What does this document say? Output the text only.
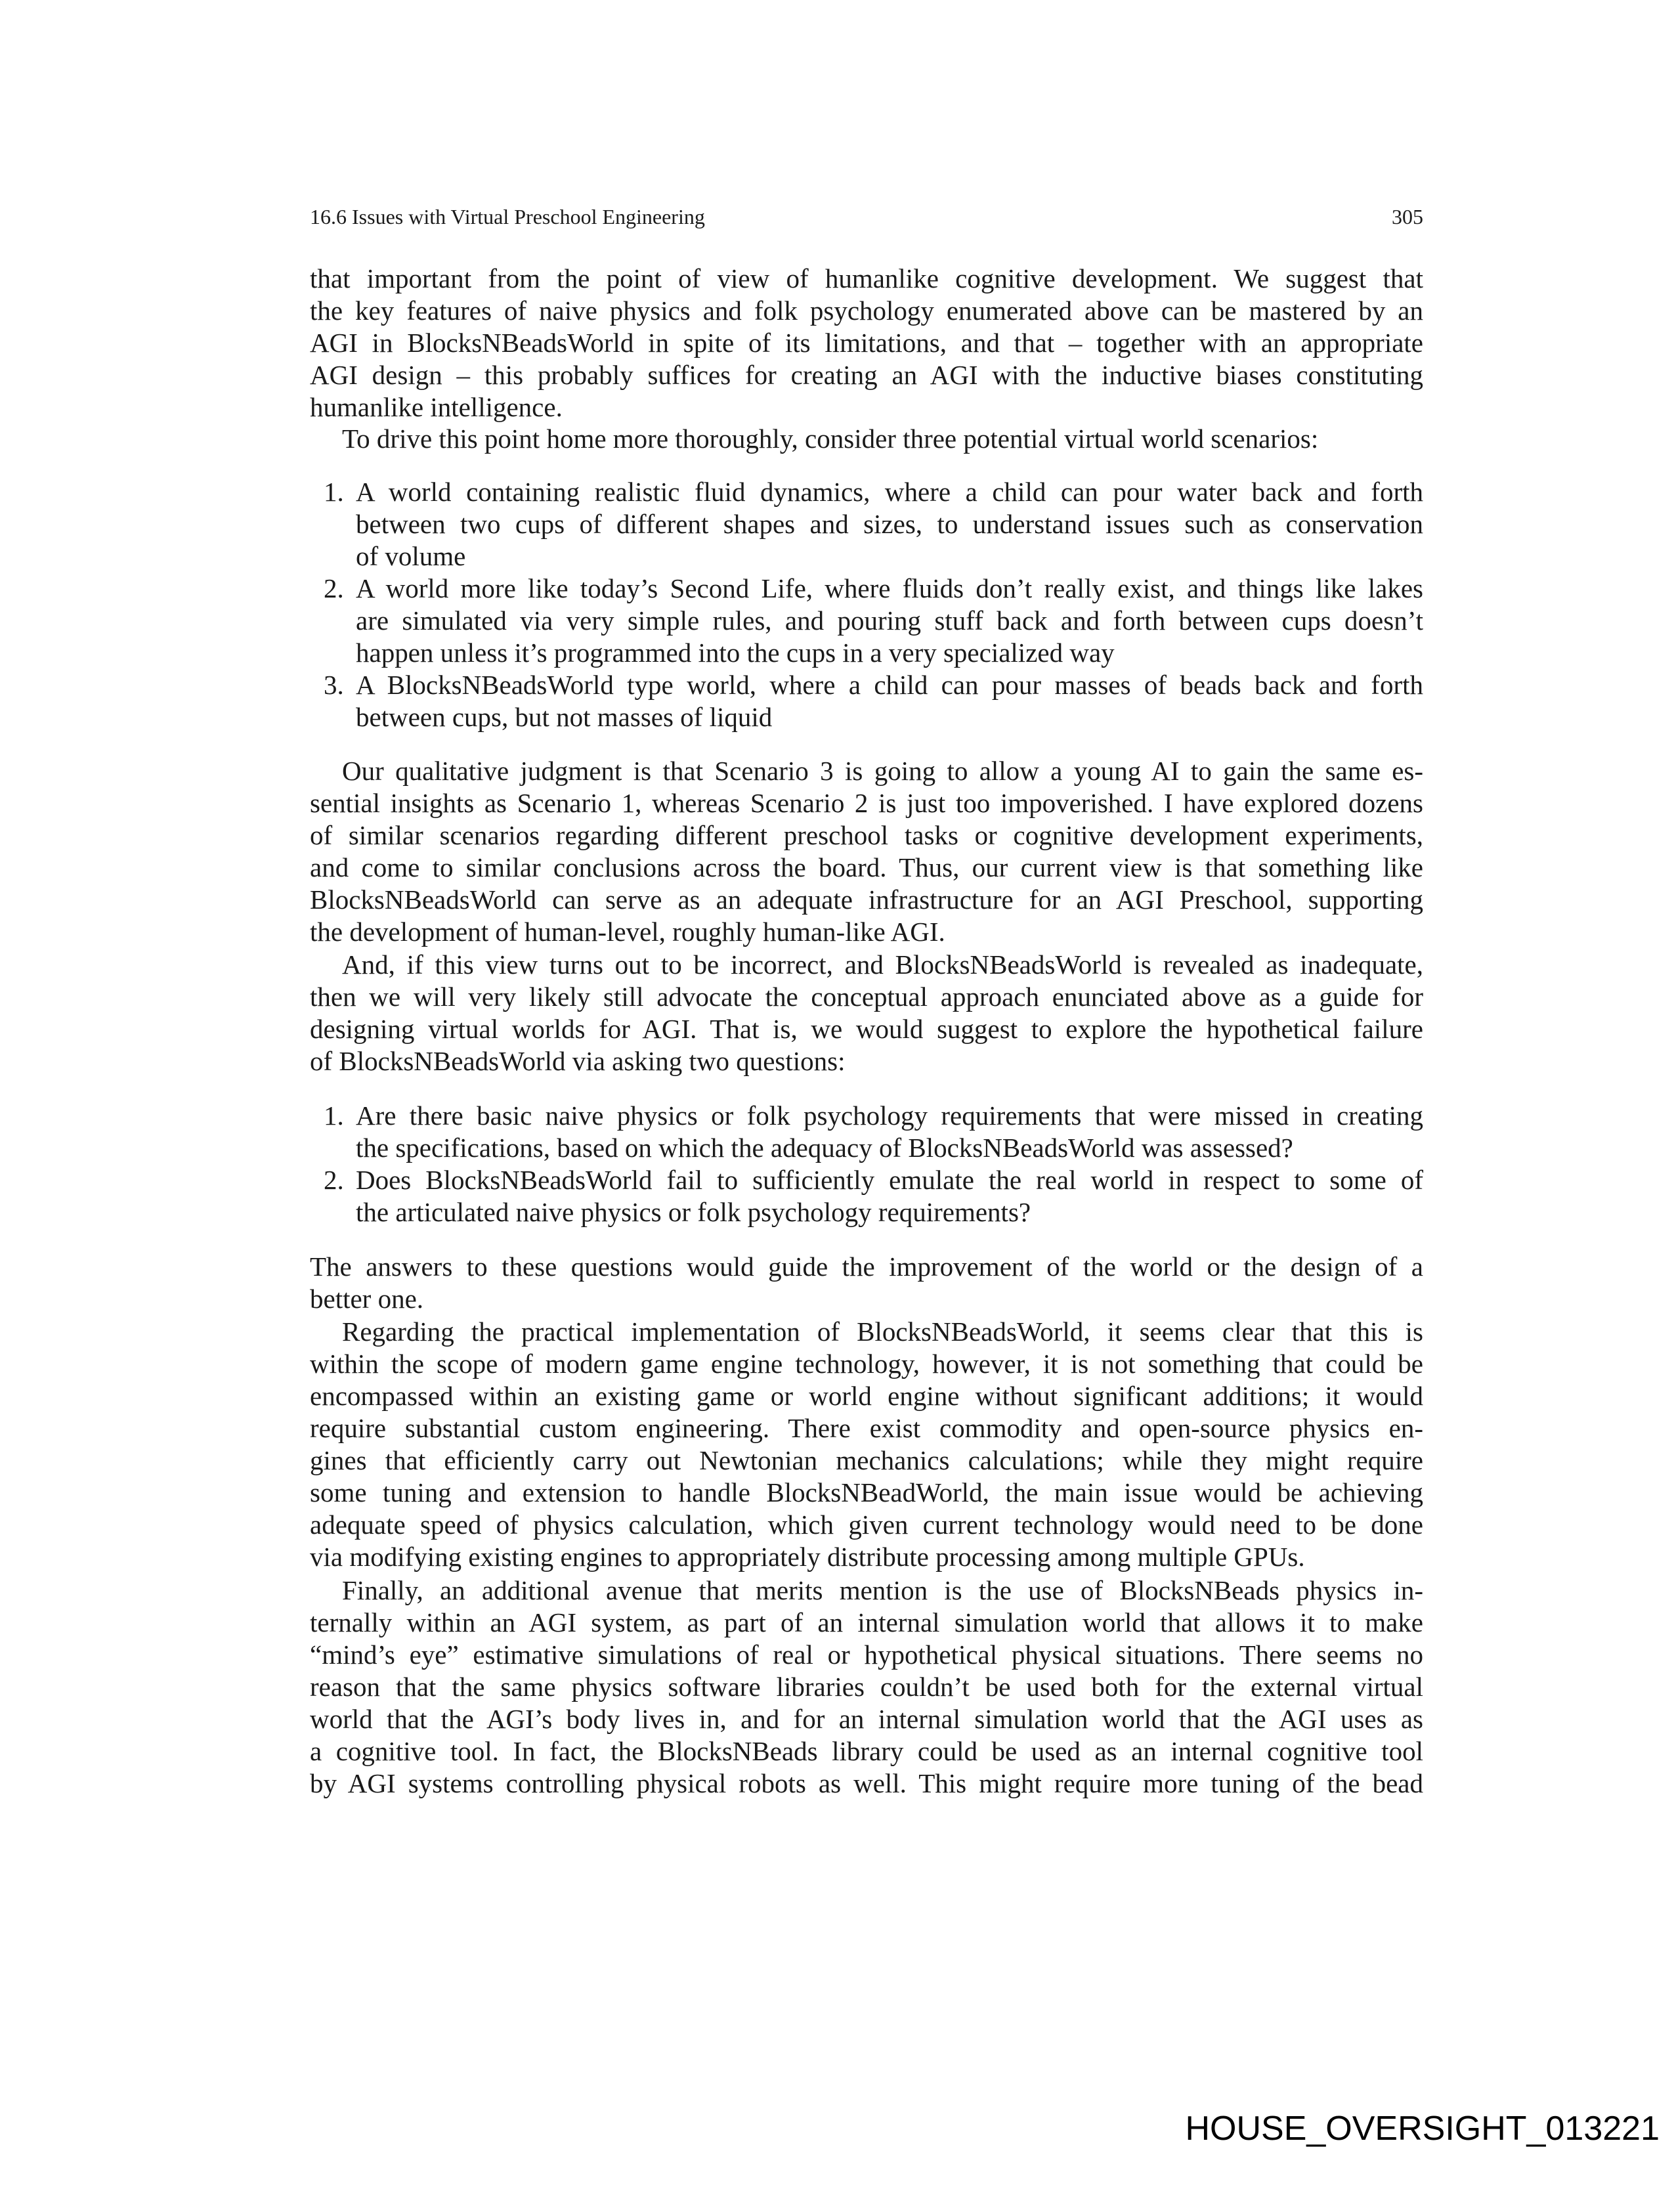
16.6 Issues with Virtual Preschool Engineering	305
that important from the point of view of humanlike cognitive development. We suggest that
the key features of naive physics and folk psychology enumerated above can be mastered by an
AGI in BlocksNBeadsWorld in spite of its limitations, and that – together with an appropriate
AGI design – this probably suffices for creating an AGI with the inductive biases constituting
humanlike intelligence.
To drive this point home more thoroughly, consider three potential virtual world scenarios:
1. A world containing realistic fluid dynamics, where a child can pour water back and forth
between two cups of different shapes and sizes, to understand issues such as conservation
of volume
2. A world more like today’s Second Life, where fluids don’t really exist, and things like lakes
are simulated via very simple rules, and pouring stuff back and forth between cups doesn’t
happen unless it’s programmed into the cups in a very specialized way
3. A BlocksNBeadsWorld type world, where a child can pour masses of beads back and forth
between cups, but not masses of liquid
Our qualitative judgment is that Scenario 3 is going to allow a young AI to gain the same es-
sential insights as Scenario 1, whereas Scenario 2 is just too impoverished. I have explored dozens
of similar scenarios regarding different preschool tasks or cognitive development experiments,
and come to similar conclusions across the board. Thus, our current view is that something like
BlocksNBeadsWorld can serve as an adequate infrastructure for an AGI Preschool, supporting
the development of human-level, roughly human-like AGI.
And, if this view turns out to be incorrect, and BlocksNBeadsWorld is revealed as inadequate,
then we will very likely still advocate the conceptual approach enunciated above as a guide for
designing virtual worlds for AGI. That is, we would suggest to explore the hypothetical failure
of BlocksNBeadsWorld via asking two questions:
1. Are there basic naive physics or folk psychology requirements that were missed in creating
the specifications, based on which the adequacy of BlocksNBeadsWorld was assessed?
2. Does BlocksNBeadsWorld fail to sufficiently emulate the real world in respect to some of
the articulated naive physics or folk psychology requirements?
The answers to these questions would guide the improvement of the world or the design of a
better one.
Regarding the practical implementation of BlocksNBeadsWorld, it seems clear that this is
within the scope of modern game engine technology, however, it is not something that could be
encompassed within an existing game or world engine without significant additions; it would
require substantial custom engineering. There exist commodity and open-source physics en-
gines that efficiently carry out Newtonian mechanics calculations; while they might require
some tuning and extension to handle BlocksNBeadWorld, the main issue would be achieving
adequate speed of physics calculation, which given current technology would need to be done
via modifying existing engines to appropriately distribute processing among multiple GPUs.
Finally, an additional avenue that merits mention is the use of BlocksNBeads physics in-
ternally within an AGI system, as part of an internal simulation world that allows it to make
“mind’s eye” estimative simulations of real or hypothetical physical situations. There seems no
reason that the same physics software libraries couldn’t be used both for the external virtual
world that the AGI’s body lives in, and for an internal simulation world that the AGI uses as
a cognitive tool. In fact, the BlocksNBeads library could be used as an internal cognitive tool
by AGI systems controlling physical robots as well. This might require more tuning of the bead
HOUSE_OVERSIGHT_013221
